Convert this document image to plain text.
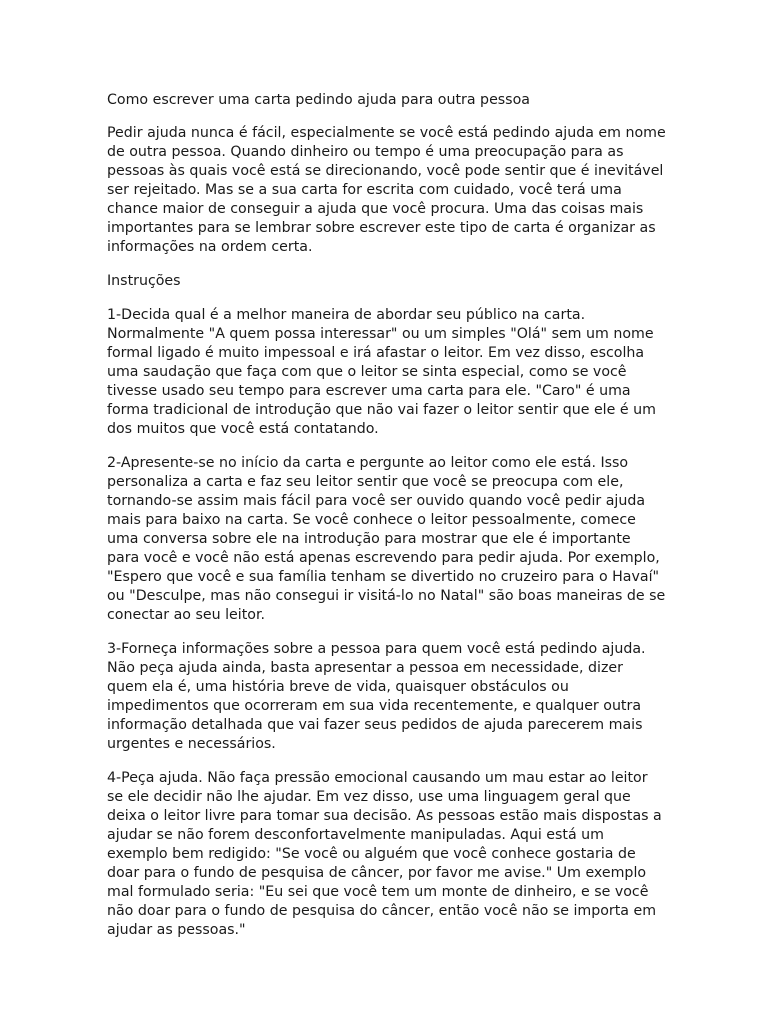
Como escrever uma carta pedindo ajuda para outra pessoa

Pedir ajuda nunca é fácil, especialmente se você está pedindo ajuda em nome de outra pessoa. Quando dinheiro ou tempo é uma preocupação para as pessoas às quais você está se direcionando, você pode sentir que é inevitável ser rejeitado. Mas se a sua carta for escrita com cuidado, você terá uma chance maior de conseguir a ajuda que você procura. Uma das coisas mais importantes para se lembrar sobre escrever este tipo de carta é organizar as informações na ordem certa.

Instruções

1-Decida qual é a melhor maneira de abordar seu público na carta. Normalmente "A quem possa interessar" ou um simples "Olá" sem um nome formal ligado é muito impessoal e irá afastar o leitor. Em vez disso, escolha uma saudação que faça com que o leitor se sinta especial, como se você tivesse usado seu tempo para escrever uma carta para ele. "Caro" é uma forma tradicional de introdução que não vai fazer o leitor sentir que ele é um dos muitos que você está contatando.

2-Apresente-se no início da carta e pergunte ao leitor como ele está. Isso personaliza a carta e faz seu leitor sentir que você se preocupa com ele, tornando-se assim mais fácil para você ser ouvido quando você pedir ajuda mais para baixo na carta. Se você conhece o leitor pessoalmente, comece uma conversa sobre ele na introdução para mostrar que ele é importante para você e você não está apenas escrevendo para pedir ajuda. Por exemplo, "Espero que você e sua família tenham se divertido no cruzeiro para o Havaí" ou "Desculpe, mas não consegui ir visitá-lo no Natal" são boas maneiras de se conectar ao seu leitor.

3-Forneça informações sobre a pessoa para quem você está pedindo ajuda. Não peça ajuda ainda, basta apresentar a pessoa em necessidade, dizer quem ela é, uma história breve de vida, quaisquer obstáculos ou impedimentos que ocorreram em sua vida recentemente, e qualquer outra informação detalhada que vai fazer seus pedidos de ajuda parecerem mais urgentes e necessários.

4-Peça ajuda. Não faça pressão emocional causando um mau estar ao leitor se ele decidir não lhe ajudar. Em vez disso, use uma linguagem geral que deixa o leitor livre para tomar sua decisão. As pessoas estão mais dispostas a ajudar se não forem desconfortavelmente manipuladas. Aqui está um exemplo bem redigido: "Se você ou alguém que você conhece gostaria de doar para o fundo de pesquisa de câncer, por favor me avise." Um exemplo mal formulado seria: "Eu sei que você tem um monte de dinheiro, e se você não doar para o fundo de pesquisa do câncer, então você não se importa em ajudar as pessoas."
